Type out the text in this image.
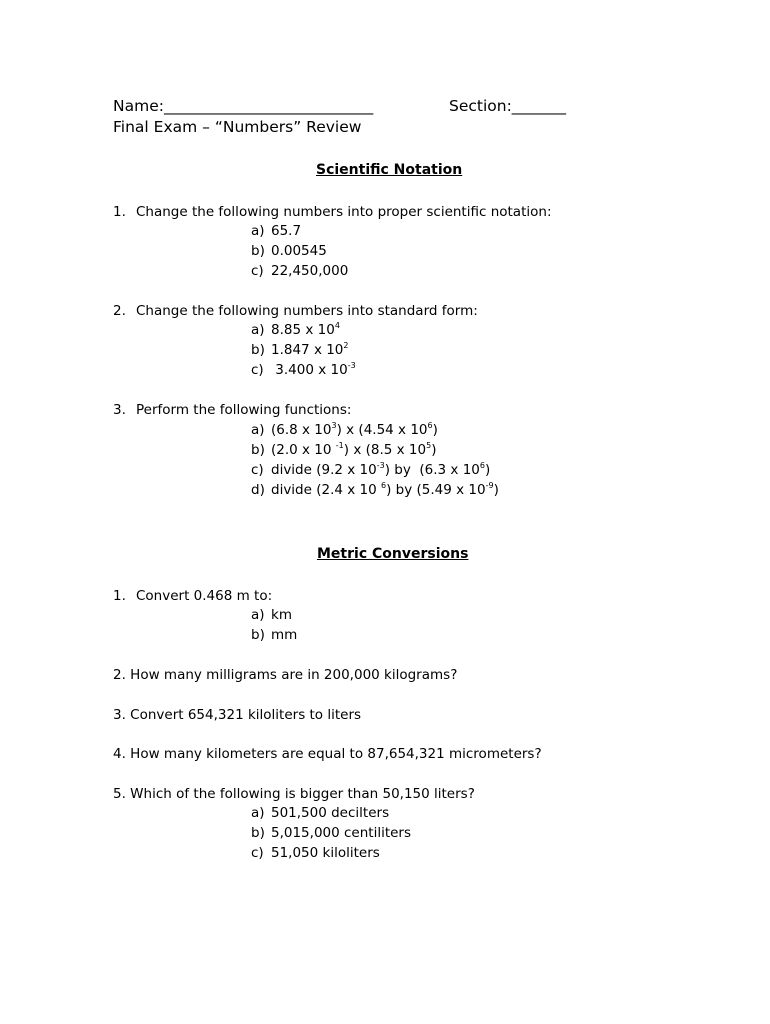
Name:___________________________	Section:_______
Final Exam – “Numbers” Review
Scientific Notation
1. Change the following numbers into proper scientific notation:
a) 65.7
b) 0.00545
c) 22,450,000
2. Change the following numbers into standard form:
a) 8.85 x $10^4$
b) 1.847 x $10^2$
c) 3.400 x $10^{-3}$
3. Perform the following functions:
a) (6.8 x $10^3$) x (4.54 x $10^6$)
b) (2.0 x 10 $^{-1}$) x (8.5 x $10^5$)
c) divide (9.2 x $10^{-3}$) by  (6.3 x $10^6$)
d) divide (2.4 x 10 $^6$) by (5.49 x $10^{-9}$)
Metric Conversions
1. Convert 0.468 m to:
a) km
b) mm
2. How many milligrams are in 200,000 kilograms?
3. Convert 654,321 kiloliters to liters
4. How many kilometers are equal to 87,654,321 micrometers?
5. Which of the following is bigger than 50,150 liters?
a) 501,500 decilters
b) 5,015,000 centiliters
c) 51,050 kiloliters
